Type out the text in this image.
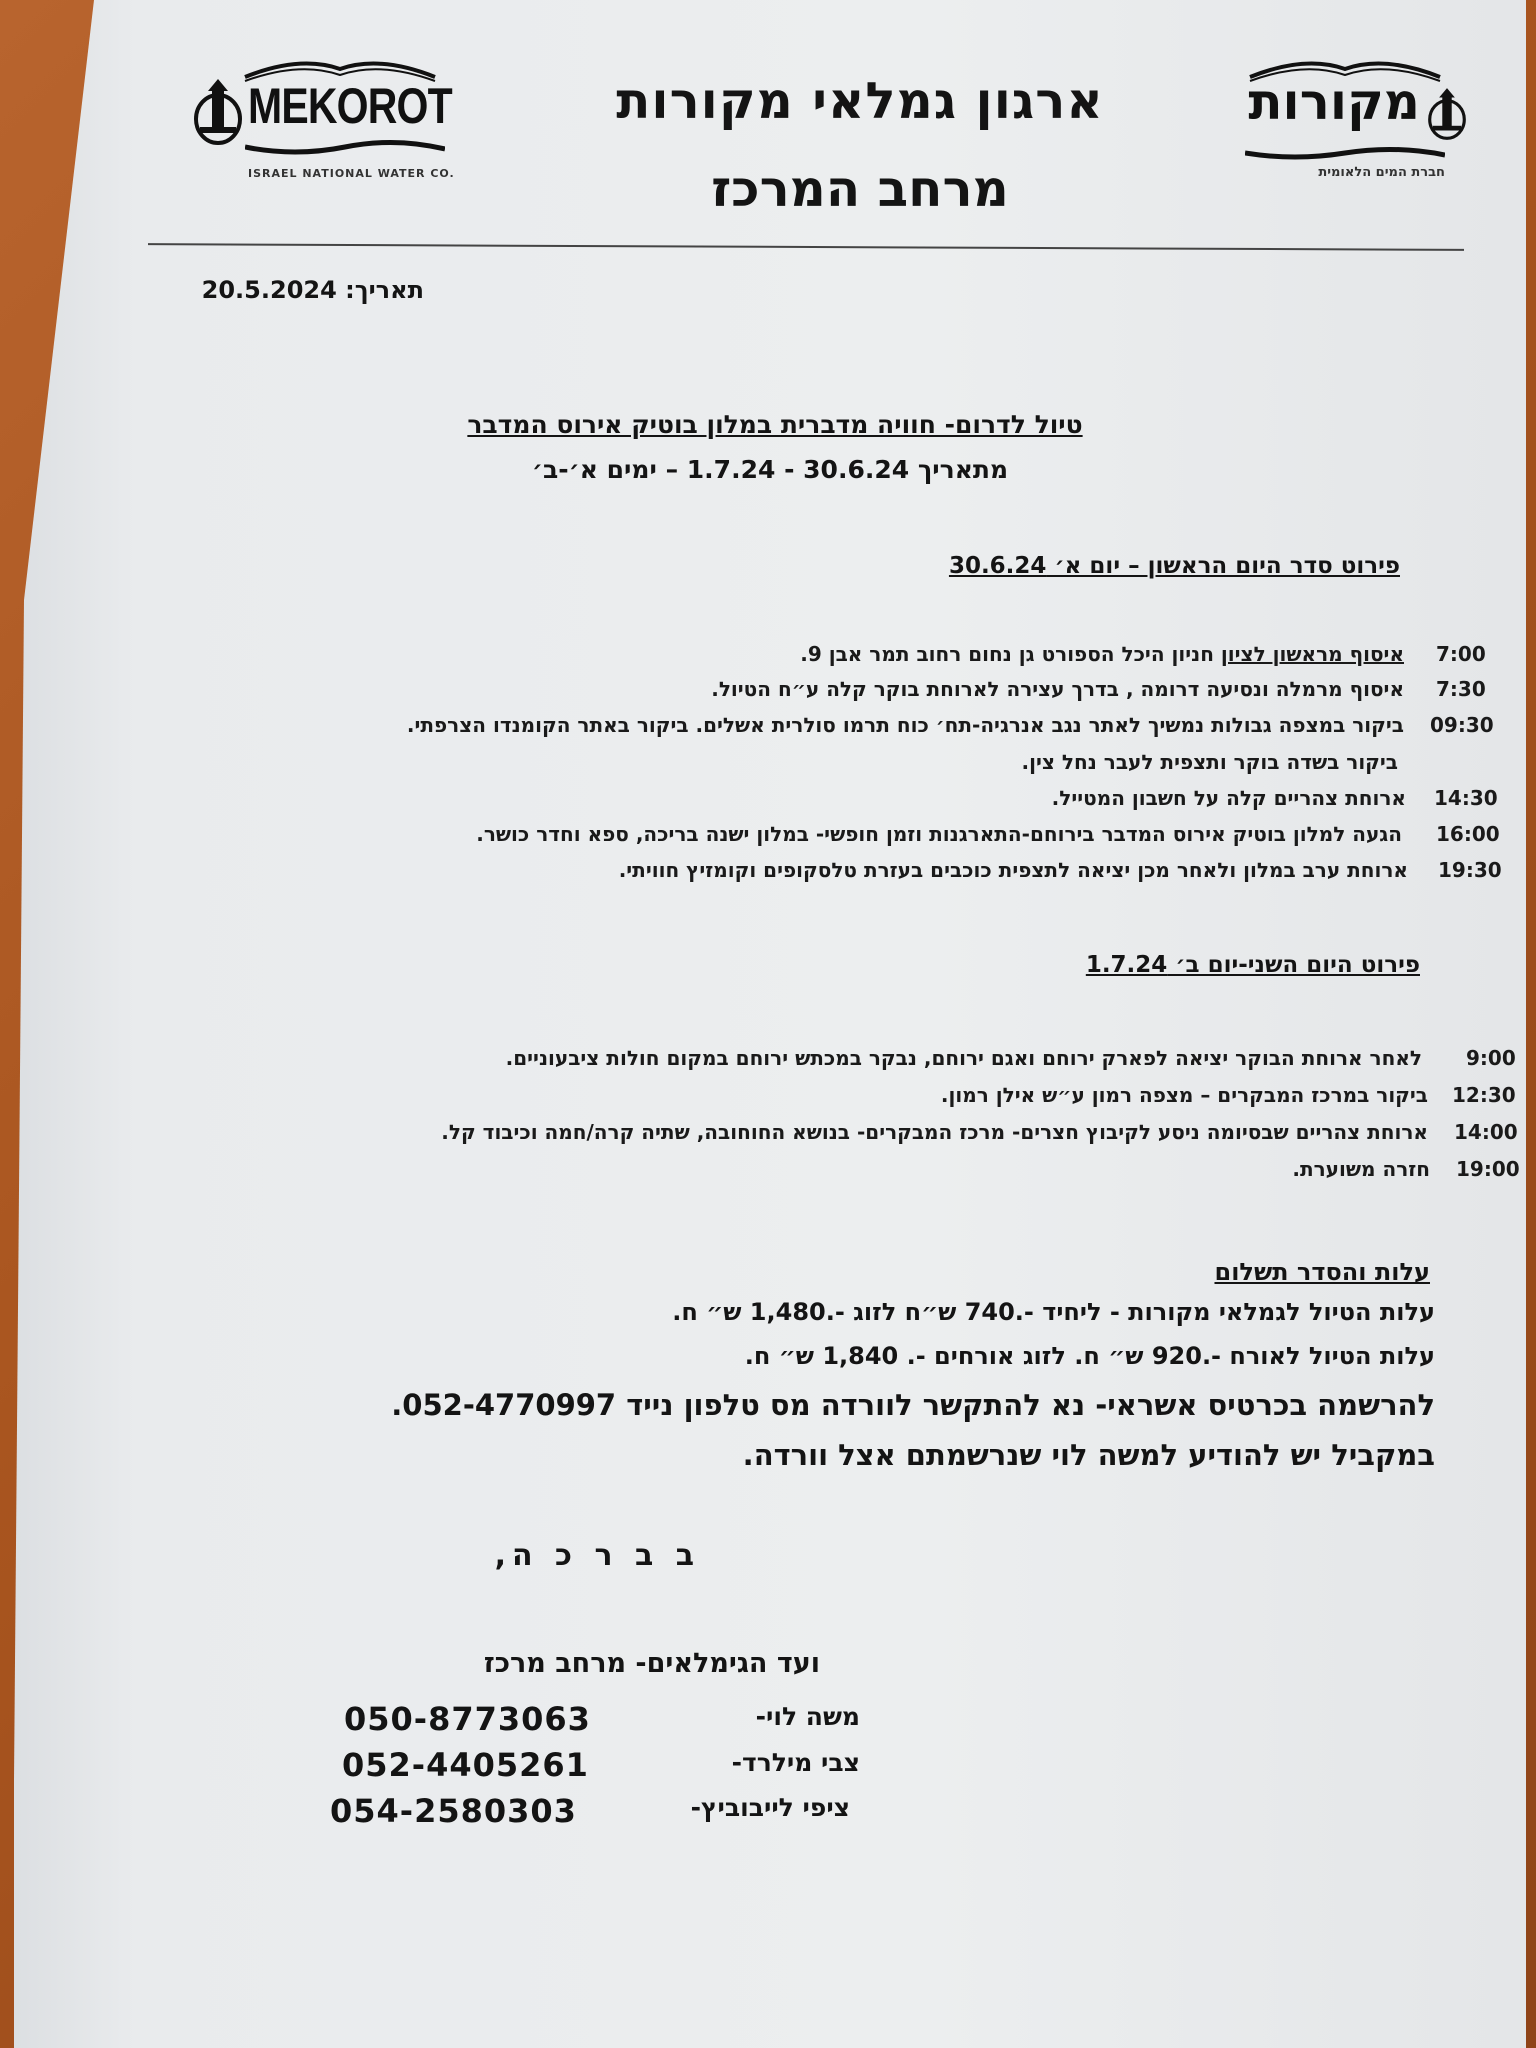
MEKOROT
ISRAEL NATIONAL WATER CO.
מקורות
חברת המים הלאומית
ארגון גמלאי מקורות
מרחב המרכז
תאריך: 20.5.2024
טיול לדרום- חוויה מדברית במלון בוטיק אירוס המדבר
מתאריך 30.6.24 - 1.7.24 – ימים א׳-ב׳
פירוט סדר היום הראשון – יום א׳ 30.6.24
7:00
איסוף מראשון לציון חניון היכל הספורט גן נחום רחוב תמר אבן 9.
7:30
איסוף מרמלה ונסיעה דרומה , בדרך עצירה לארוחת בוקר קלה ע״ח הטיול.
09:30
ביקור במצפה גבולות נמשיך לאתר נגב אנרגיה-תח׳ כוח תרמו סולרית אשלים. ביקור באתר הקומנדו הצרפתי.
ביקור בשדה בוקר ותצפית לעבר נחל צין.
14:30
ארוחת צהריים קלה על חשבון המטייל.
16:00
הגעה למלון בוטיק אירוס המדבר בירוחם-התארגנות וזמן חופשי- במלון ישנה בריכה, ספא וחדר כושר.
19:30
ארוחת ערב במלון ולאחר מכן יציאה לתצפית כוכבים בעזרת טלסקופים וקומזיץ חוויתי.
פירוט היום השני-יום ב׳ 1.7.24
9:00
לאחר ארוחת הבוקר יציאה לפארק ירוחם ואגם ירוחם, נבקר במכתש ירוחם במקום חולות ציבעוניים.
12:30
ביקור במרכז המבקרים – מצפה רמון ע״ש אילן רמון.
14:00
ארוחת צהריים שבסיומה ניסע לקיבוץ חצרים- מרכז המבקרים- בנושא החוחובה, שתיה קרה/חמה וכיבוד קל.
19:00
חזרה משוערת.
עלות והסדר תשלום
עלות הטיול לגמלאי מקורות - ליחיד -.740 ש״ח לזוג -.1,480 ש״ ח.
עלות הטיול לאורח -.920 ש״ ח. לזוג אורחים -. 1,840 ש״ ח.
להרשמה בכרטיס אשראי- נא להתקשר לוורדה מס טלפון נייד 052-4770997.
במקביל יש להודיע למשה לוי שנרשמתם אצל וורדה.
ב ב ר כ ה,
ועד הגימלאים- מרחב מרכז
משה לוי-
050-8773063
צבי מילרד-
052-4405261
ציפי לייבוביץ-
054-2580303
